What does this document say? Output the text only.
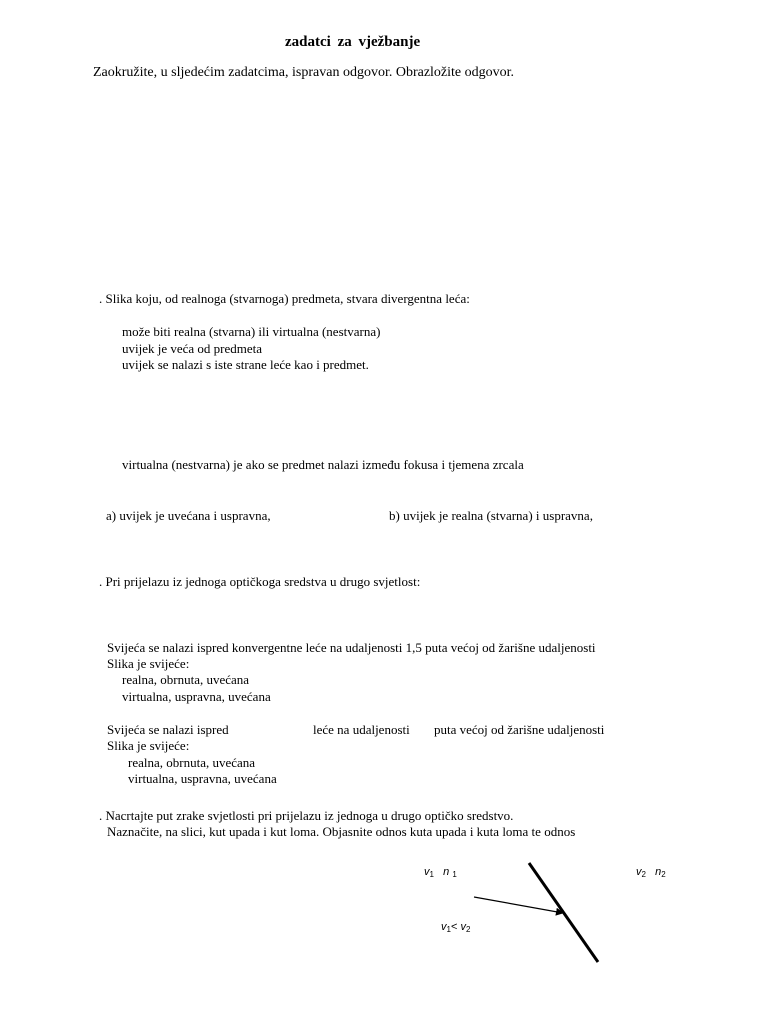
zadatci za vježbanje
Zaokružite, u sljedećim zadatcima, ispravan odgovor. Obrazložite odgovor.
. Slika koju, od realnoga (stvarnoga) predmeta, stvara divergentna leća:
može biti realna (stvarna) ili virtualna (nestvarna)
uvijek je veća od predmeta
uvijek se nalazi s iste strane leće kao i predmet.
virtualna (nestvarna) je ako se predmet nalazi između fokusa i tjemena zrcala
a) uvijek je uvećana i uspravna,	b) uvijek je realna (stvarna) i uspravna,
. Pri prijelazu iz jednoga optičkoga sredstva u drugo svjetlost:
Svijeća se nalazi ispred konvergentne leće na udaljenosti 1,5 puta većoj od žarišne udaljenosti
Slika je svijeće:
realna, obrnuta, uvećana
virtualna, uspravna, uvećana
Svijeća se nalazi ispred	leće na udaljenosti puta većoj od žarišne udaljenosti
Slika je svijeće:
realna, obrnuta, uvećana
virtualna, uspravna, uvećana
. Nacrtajte put zrake svjetlosti pri prijelazu iz jednoga u drugo optičko sredstvo.
Naznačite, na slici, kut upada i kut loma. Objasnite odnos kuta upada i kuta loma te odnos
$v_1$ n $_1$	$v_2$ $n_2$
$v_1< v_2$
